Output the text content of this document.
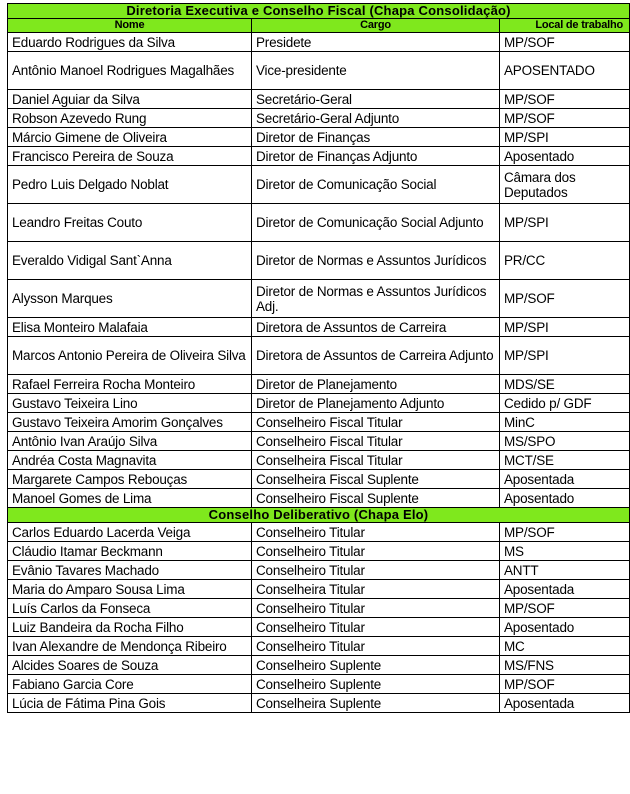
Diretoria Executiva e Conselho Fiscal (Chapa Consolidação)		
Nome	Cargo	Local de trabalho
Eduardo Rodrigues da Silva	Presidete	MP/SOF
Antônio Manoel Rodrigues Magalhães	Vice-presidente	APOSENTADO
Daniel Aguiar da Silva	Secretário-Geral	MP/SOF
Robson Azevedo Rung	Secretário-Geral Adjunto	MP/SOF
Márcio Gimene de Oliveira	Diretor de Finanças	MP/SPI
Francisco Pereira de Souza	Diretor de Finanças Adjunto	Aposentado
Pedro Luis Delgado Noblat	Diretor de Comunicação Social	Câmara dos Deputados
Leandro Freitas Couto	Diretor de Comunicação Social Adjunto	MP/SPI
Everaldo Vidigal Sant`Anna	Diretor de Normas e Assuntos Jurídicos	PR/CC
Alysson Marques	Diretor de Normas e Assuntos Jurídicos Adj.	MP/SOF
Elisa Monteiro Malafaia	Diretora de Assuntos de Carreira	MP/SPI
Marcos Antonio Pereira de Oliveira Silva	Diretora de Assuntos de Carreira Adjunto	MP/SPI
Rafael Ferreira Rocha Monteiro	Diretor de Planejamento	MDS/SE
Gustavo Teixeira Lino	Diretor de Planejamento Adjunto	Cedido p/ GDF
Gustavo Teixeira Amorim Gonçalves	Conselheiro Fiscal Titular	MinC
Antônio Ivan Araújo Silva	Conselheiro Fiscal Titular	MS/SPO
Andréa Costa Magnavita	Conselheira Fiscal Titular	MCT/SE
Margarete Campos Rebouças	Conselheira Fiscal Suplente	Aposentada
Manoel Gomes de Lima	Conselheiro Fiscal Suplente	Aposentado
Conselho Deliberativo (Chapa Elo)		
Carlos Eduardo Lacerda Veiga	Conselheiro Titular	MP/SOF
Cláudio Itamar Beckmann	Conselheiro Titular	MS
Evânio Tavares Machado	Conselheiro Titular	ANTT
Maria do Amparo Sousa Lima	Conselheira Titular	Aposentada
Luís Carlos da Fonseca	Conselheiro Titular	MP/SOF
Luiz Bandeira da Rocha Filho	Conselheiro Titular	Aposentado
Ivan Alexandre de Mendonça Ribeiro	Conselheiro Titular	MC
Alcides Soares de Souza	Conselheiro Suplente	MS/FNS
Fabiano Garcia Core	Conselheiro Suplente	MP/SOF
Lúcia de Fátima Pina Gois	Conselheira Suplente	Aposentada
